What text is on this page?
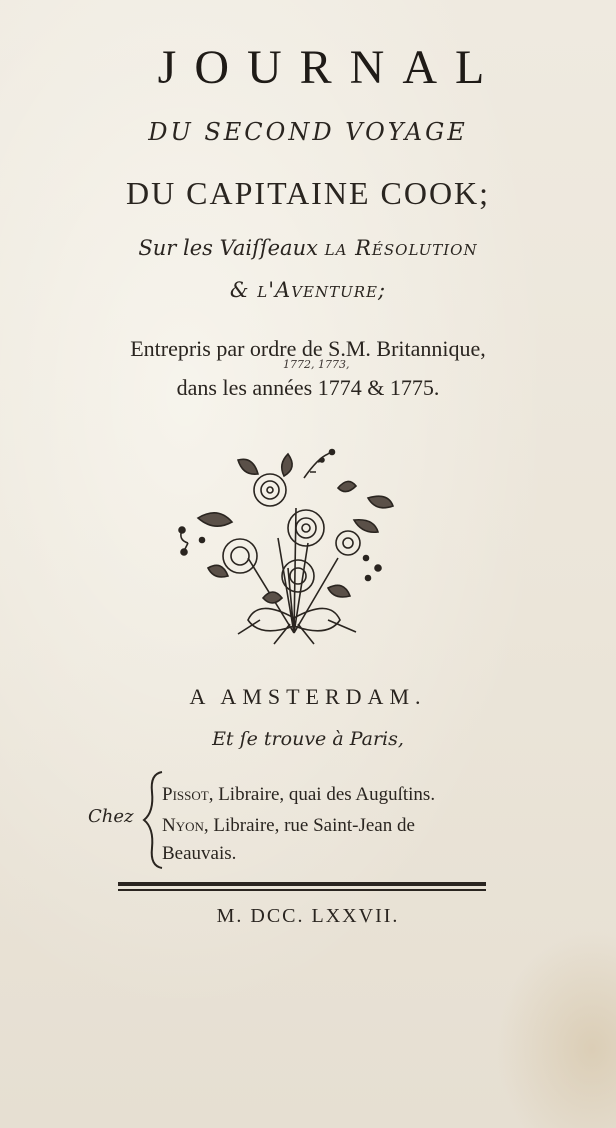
JOURNAL
DU SECOND VOYAGE
DU CAPITAINE COOK;
Sur les Vaiſſeaux la Résolution
& l'Aventure;
Entrepris par ordre de S.M. Britannique,
1772, 1773,
dans les années 1774 & 1775.
A AMSTERDAM.
Et ſe trouve à Paris,
Chez
Pissot, Libraire, quai des Auguſtins.
Nyon, Libraire, rue Saint-Jean de
Beauvais.
M. DCC. LXXVII.
